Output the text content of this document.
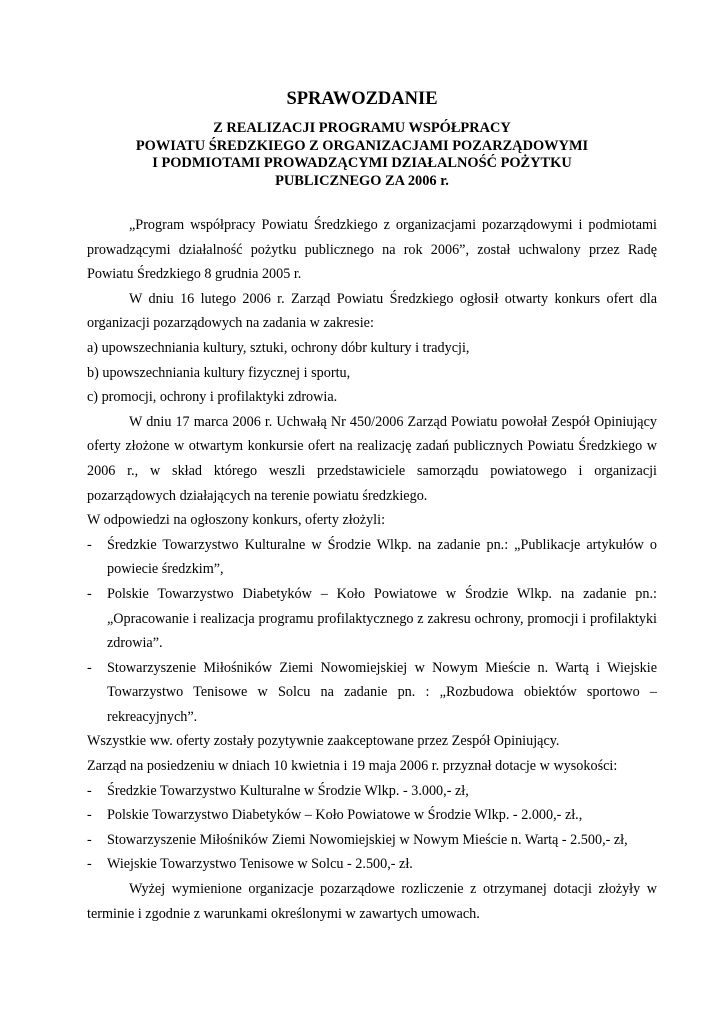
SPRAWOZDANIE
Z REALIZACJI PROGRAMU WSPÓŁPRACY
POWIATU ŚREDZKIEGO Z ORGANIZACJAMI POZARZĄDOWYMI
I PODMIOTAMI PROWADZĄCYMI DZIAŁALNOŚĆ POŻYTKU
PUBLICZNEGO ZA 2006 r.

„Program współpracy Powiatu Średzkiego z organizacjami pozarządowymi i podmiotami prowadzącymi działalność pożytku publicznego na rok 2006”, został uchwalony przez Radę Powiatu Średzkiego 8 grudnia 2005 r.

W dniu 16 lutego 2006 r. Zarząd Powiatu Średzkiego ogłosił otwarty konkurs ofert dla organizacji pozarządowych na zadania w zakresie:

a) upowszechniania kultury, sztuki, ochrony dóbr kultury i tradycji,

b) upowszechniania kultury fizycznej i sportu,

c) promocji, ochrony i profilaktyki zdrowia.

W dniu 17 marca 2006 r. Uchwałą Nr 450/2006 Zarząd Powiatu powołał Zespół Opiniujący oferty złożone w otwartym konkursie ofert na realizację zadań publicznych Powiatu Średzkiego w 2006 r., w skład którego weszli przedstawiciele samorządu powiatowego i organizacji pozarządowych działających na terenie powiatu średzkiego.

W odpowiedzi na ogłoszony konkurs, oferty złożyli:

- Średzkie Towarzystwo Kulturalne w Środzie Wlkp. na zadanie pn.: „Publikacje artykułów o powiecie średzkim”,
- Polskie Towarzystwo Diabetyków – Koło Powiatowe w Środzie Wlkp. na zadanie pn.: „Opracowanie i realizacja programu profilaktycznego z zakresu ochrony, promocji i profilaktyki zdrowia”.
- Stowarzyszenie Miłośników Ziemi Nowomiejskiej w Nowym Mieście n. Wartą i Wiejskie Towarzystwo Tenisowe w Solcu na zadanie pn. : „Rozbudowa obiektów sportowo – rekreacyjnych”.

Wszystkie ww. oferty zostały pozytywnie zaakceptowane przez Zespół Opiniujący.

Zarząd na posiedzeniu w dniach 10 kwietnia i 19 maja 2006 r. przyznał dotacje w wysokości:

- Średzkie Towarzystwo Kulturalne w Środzie Wlkp. - 3.000,- zł,
- Polskie Towarzystwo Diabetyków – Koło Powiatowe w Środzie Wlkp. - 2.000,- zł.,
- Stowarzyszenie Miłośników Ziemi Nowomiejskiej w Nowym Mieście n. Wartą - 2.500,- zł,
- Wiejskie Towarzystwo Tenisowe w Solcu - 2.500,- zł.

Wyżej wymienione organizacje pozarządowe rozliczenie z otrzymanej dotacji złożyły w terminie i zgodnie z warunkami określonymi w zawartych umowach.
